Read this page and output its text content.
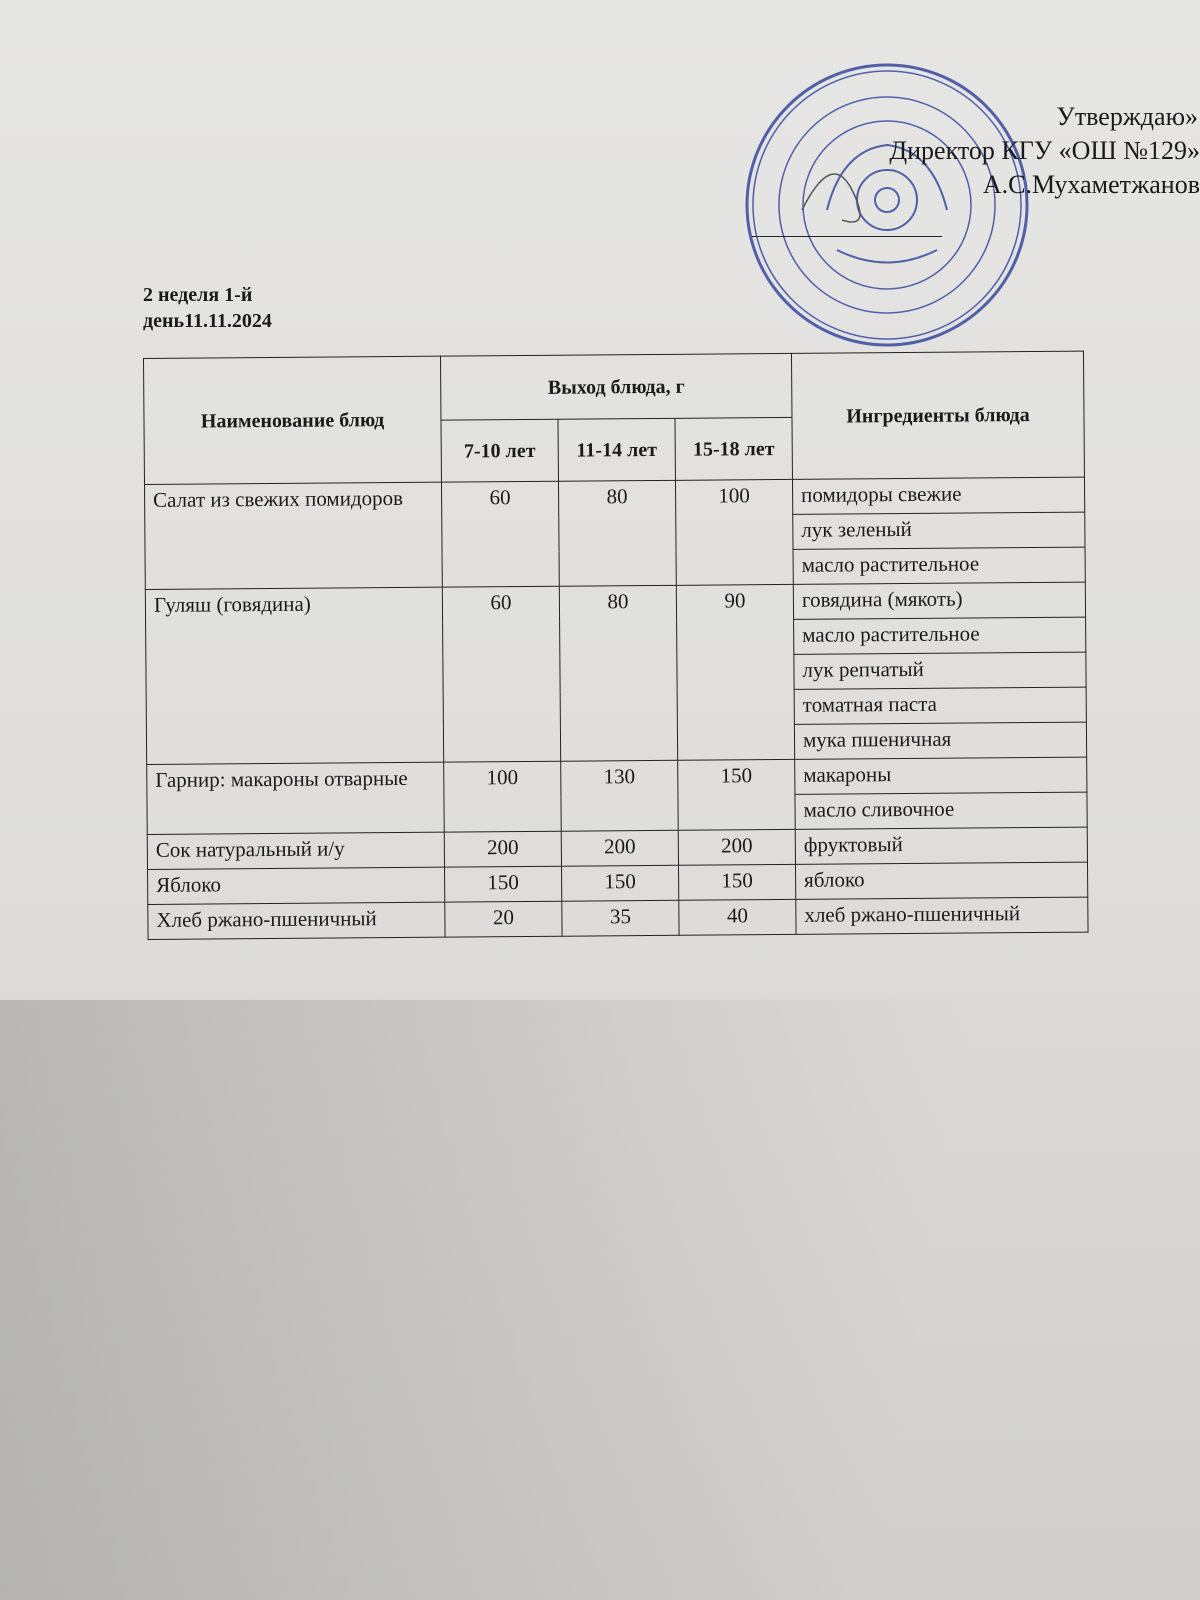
Утверждаю»
Директор КГУ «ОШ №129»
А.С.Мухаметжанов
2 неделя 1-й
день11.11.2024
Наименование блюд	Выход блюда, г			Ингредиенты блюда
	7-10 лет	11-14 лет	15-18 лет	
Салат из свежих помидоров	60	80	100	помидоры свежие
				лук зеленый
				масло растительное
Гуляш (говядина)	60	80	90	говядина (мякоть)
				масло растительное
				лук репчатый
				томатная паста
				мука пшеничная
Гарнир: макароны отварные	100	130	150	макароны
				масло сливочное
Сок натуральный и/у	200	200	200	фруктовый
Яблоко	150	150	150	яблоко
Хлеб ржано-пшеничный	20	35	40	хлеб ржано-пшеничный
